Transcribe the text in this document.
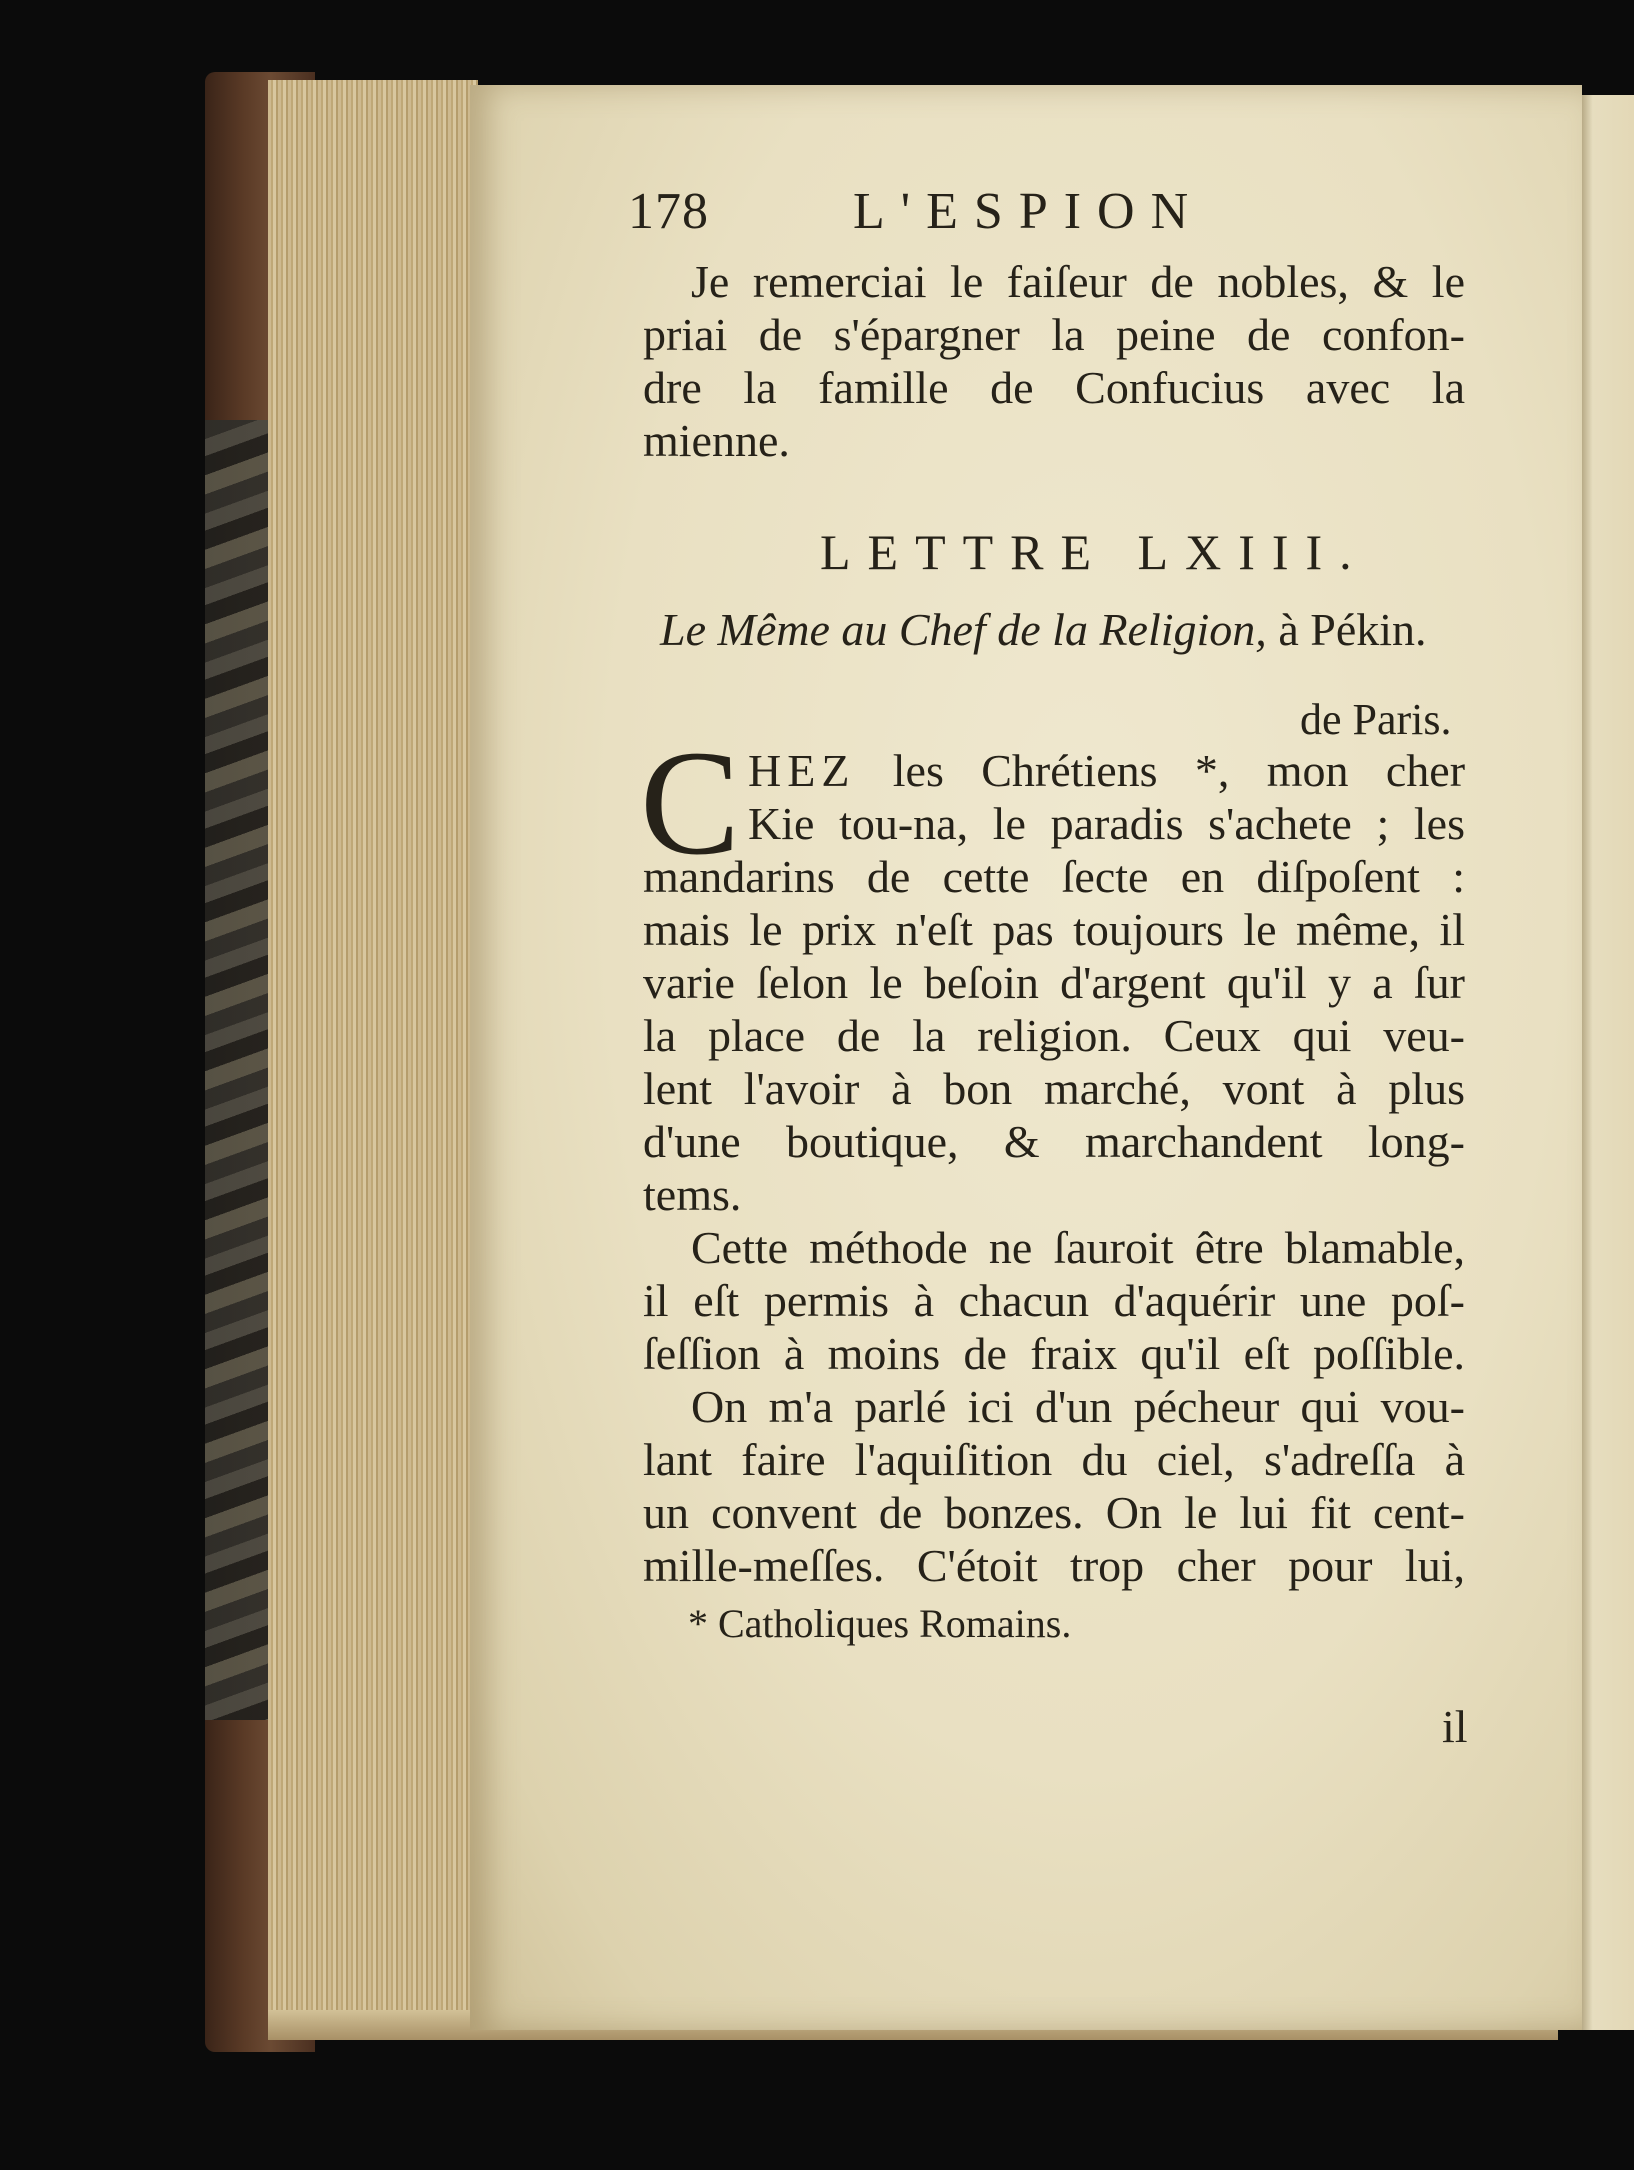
178	L'ESPION
Je remerciai le faiſeur de nobles, & le
priai de s'épargner la peine de confon-
dre la famille de Confucius avec la
mienne.
LETTRE LXIII.
Le Même au Chef de la Religion, à Pékin.
de Paris.
C HEZ les Chrétiens *, mon cher
Kie tou-na, le paradis s'achete ; les
mandarins de cette ſecte en diſpoſent :
mais le prix n'eſt pas toujours le même, il
varie ſelon le beſoin d'argent qu'il y a ſur
la place de la religion. Ceux qui veu-
lent l'avoir à bon marché, vont à plus
d'une boutique, & marchandent long-
tems.
Cette méthode ne ſauroit être blamable,
il eſt permis à chacun d'aquérir une poſ-
ſeſſion à moins de fraix qu'il eſt poſſible.
On m'a parlé ici d'un pécheur qui vou-
lant faire l'aquiſition du ciel, s'adreſſa à
un convent de bonzes. On le lui fit cent-
mille-meſſes. C'étoit trop cher pour lui,
* Catholiques Romains.
il
